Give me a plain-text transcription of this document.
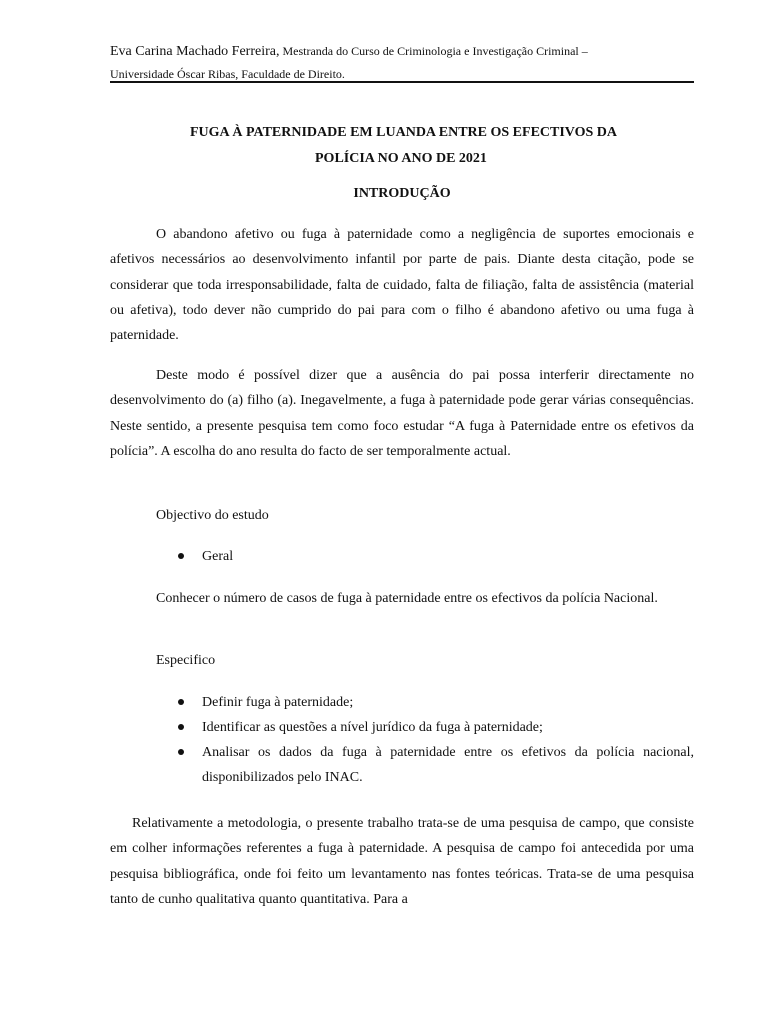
Eva Carina Machado Ferreira, Mestranda do Curso de Criminologia e Investigação Criminal –
Universidade Óscar Ribas, Faculdade de Direito.
FUGA À PATERNIDADE EM LUANDA ENTRE OS EFECTIVOS DA
POLÍCIA NO ANO DE 2021
INTRODUÇÃO

O abandono afetivo ou fuga à paternidade como a negligência de suportes emocionais e afetivos necessários ao desenvolvimento infantil por parte de pais. Diante desta citação, pode se considerar que toda irresponsabilidade, falta de cuidado, falta de filiação, falta de assistência (material ou afetiva), todo dever não cumprido do pai para com o filho é abandono afetivo ou uma fuga à paternidade.

Deste modo é possível dizer que a ausência do pai possa interferir directamente no desenvolvimento do (a) filho (a). Inegavelmente, a fuga à paternidade pode gerar várias consequências. Neste sentido, a presente pesquisa tem como foco estudar “A fuga à Paternidade entre os efetivos da polícia”. A escolha do ano resulta do facto de ser temporalmente actual.

Objectivo do estudo
Geral

Conhecer o número de casos de fuga à paternidade entre os efectivos da polícia Nacional.

Especifico
Definir fuga à paternidade;
Identificar as questões a nível jurídico da fuga à paternidade;
Analisar os dados da fuga à paternidade entre os efetivos da polícia nacional, disponibilizados pelo INAC.

Relativamente a metodologia, o presente trabalho trata-se de uma pesquisa de campo, que consiste em colher informações referentes a fuga à paternidade. A pesquisa de campo foi antecedida por uma pesquisa bibliográfica, onde foi feito um levantamento nas fontes teóricas. Trata-se de uma pesquisa tanto de cunho qualitativa quanto quantitativa. Para a
